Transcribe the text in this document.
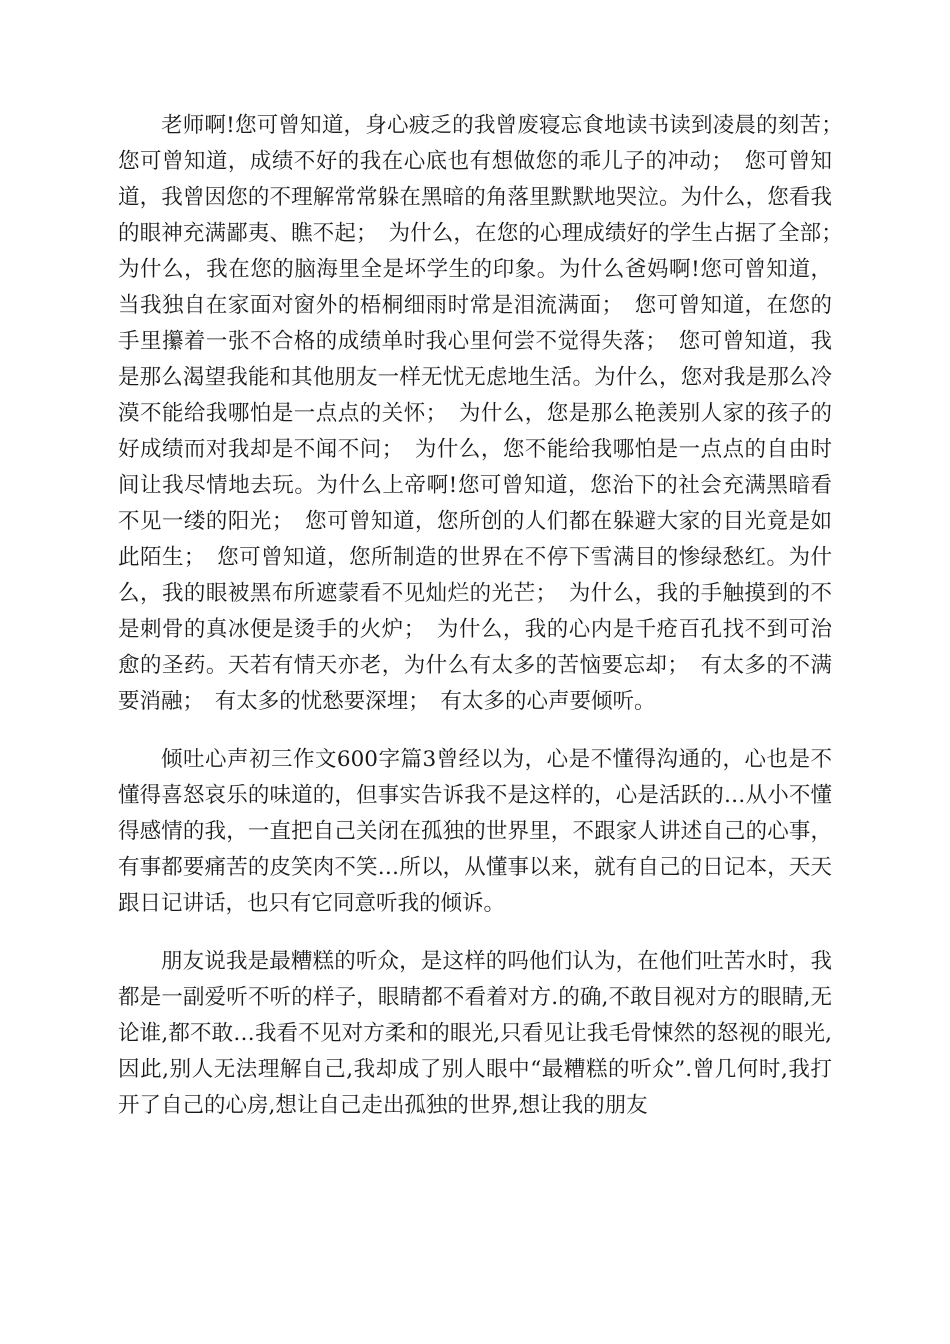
老师啊!您可曾知道，身心疲乏的我曾废寝忘食地读书读到凌晨的刻苦；　您可曾知道，成绩不好的我在心底也有想做您的乖儿子的冲动；　您可曾知道，我曾因您的不理解常常躲在黑暗的角落里默默地哭泣。为什么，您看我的眼神充满鄙夷、瞧不起；　为什么，在您的心理成绩好的学生占据了全部；　为什么，我在您的脑海里全是坏学生的印象。为什么爸妈啊!您可曾知道，当我独自在家面对窗外的梧桐细雨时常是泪流满面；　您可曾知道，在您的手里攥着一张不合格的成绩单时我心里何尝不觉得失落；　您可曾知道，我是那么渴望我能和其他朋友一样无忧无虑地生活。为什么，您对我是那么冷漠不能给我哪怕是一点点的关怀；　为什么，您是那么艳羡别人家的孩子的好成绩而对我却是不闻不问；　为什么，您不能给我哪怕是一点点的自由时间让我尽情地去玩。为什么上帝啊!您可曾知道，您治下的社会充满黑暗看不见一缕的阳光；　您可曾知道，您所创的人们都在躲避大家的目光竟是如此陌生；　您可曾知道，您所制造的世界在不停下雪满目的惨绿愁红。为什么，我的眼被黑布所遮蒙看不见灿烂的光芒；　为什么，我的手触摸到的不是刺骨的真冰便是烫手的火炉；　为什么，我的心内是千疮百孔找不到可治愈的圣药。天若有情天亦老，为什么有太多的苦恼要忘却；　有太多的不满要消融；　有太多的忧愁要深埋；　有太多的心声要倾听。

倾吐心声初三作文600字篇3曾经以为，心是不懂得沟通的，心也是不懂得喜怒哀乐的味道的，但事实告诉我不是这样的，心是活跃的…从小不懂得感情的我，一直把自己关闭在孤独的世界里，不跟家人讲述自己的心事，有事都要痛苦的皮笑肉不笑…所以，从懂事以来，就有自己的日记本，天天跟日记讲话，也只有它同意听我的倾诉。

朋友说我是最糟糕的听众，是这样的吗他们认为，在他们吐苦水时，我都是一副爱听不听的样子，眼睛都不看着对方.的确,不敢目视对方的眼睛,无论谁,都不敢…我看不见对方柔和的眼光,只看见让我毛骨悚然的怒视的眼光,因此,别人无法理解自己,我却成了别人眼中“最糟糕的听众”.曾几何时,我打开了自己的心房,想让自己走出孤独的世界,想让我的朋友
